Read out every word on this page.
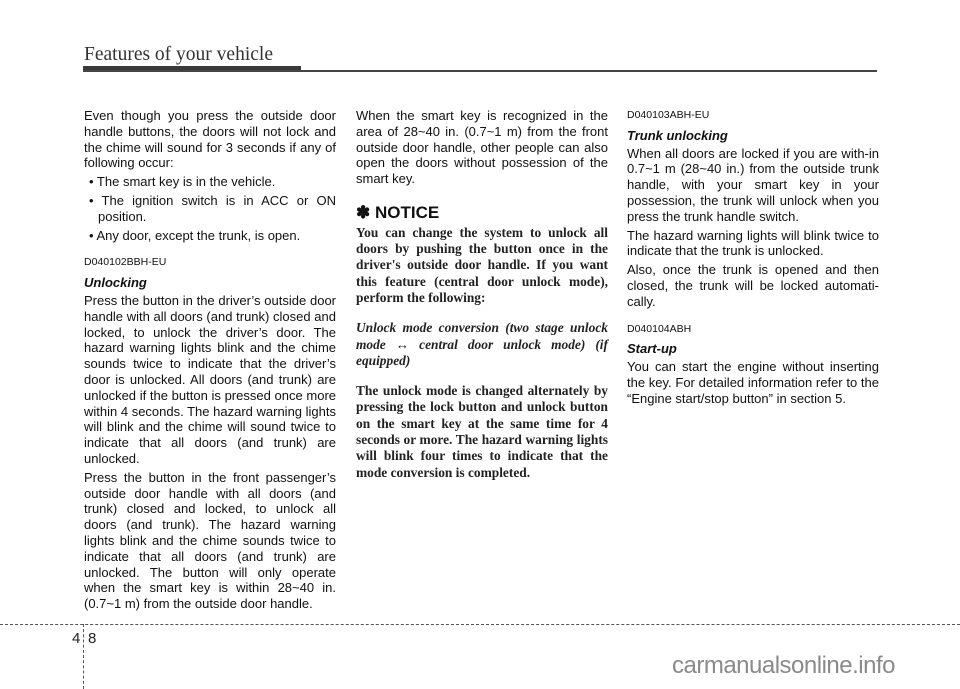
Features of your vehicle

Even though you press the outside door handle buttons, the doors will not lock and the chime will sound for 3 seconds if any of following occur:

• The smart key is in the vehicle.

• The ignition switch is in ACC or ON position.

• Any door, except the trunk, is open.

D040102BBH-EU
Unlocking

Press the button in the driver’s outside door handle with all doors (and trunk) closed and locked, to unlock the driver’s door. The hazard warning lights blink and the chime sounds twice to indicate that the driver’s door is unlocked. All doors (and trunk) are unlocked if the button is pressed once more within 4 seconds. The hazard warning lights will blink and the chime will sound twice to indicate that all doors (and trunk) are unlocked.

Press the button in the front passenger’s outside door handle with all doors (and trunk) closed and locked, to unlock all doors (and trunk). The hazard warning lights blink and the chime sounds twice to indicate that all doors (and trunk) are unlocked. The button will only operate when the smart key is within 28~40 in. (0.7~1 m) from the outside door handle.

When the smart key is recognized in the area of 28~40 in. (0.7~1 m) from the front outside door handle, other people can also open the doors without possession of the smart key.

✽ NOTICE
You can change the system to unlock all doors by pushing the button once in the driver's outside door handle. If you want this feature (central door unlock mode), perform the following:
Unlock mode conversion (two stage unlock mode ↔ central door unlock mode) (if equipped)
The unlock mode is changed alternately by pressing the lock button and unlock button on the smart key at the same time for 4 seconds or more. The hazard warning lights will blink four times to indicate that the mode conversion is completed.
D040103ABH-EU
Trunk unlocking

When all doors are locked if you are with-in 0.7~1 m (28~40 in.) from the outside trunk handle, with your smart key in your possession, the trunk will unlock when you press the trunk handle switch.

The hazard warning lights will blink twice to indicate that the trunk is unlocked.

Also, once the trunk is opened and then closed, the trunk will be locked automati-cally.

D040104ABH
Start-up

You can start the engine without inserting the key. For detailed information refer to the “Engine start/stop button” in section 5.

4 8
carmanualsonline.info
